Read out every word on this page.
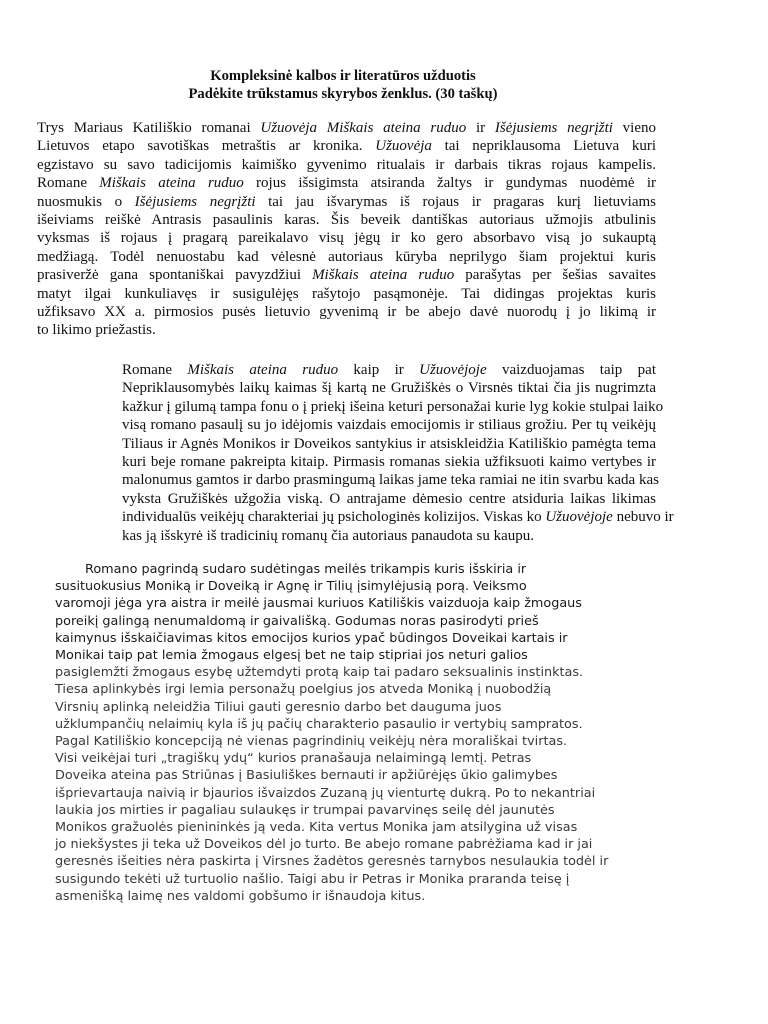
Kompleksinė kalbos ir literatūros užduotis
Padėkite trūkstamus skyrybos ženklus. (30 taškų)
Trys Mariaus Katiliškio romanai Užuovėja Miškais ateina ruduo ir Išėjusiems negrįžti vieno
Lietuvos etapo savotiškas metraštis ar kronika. Užuovėja tai nepriklausoma Lietuva kuri
egzistavo su savo tadicijomis kaimiško gyvenimo ritualais ir darbais tikras rojaus kampelis.
Romane Miškais ateina ruduo rojus išsigimsta atsiranda žaltys ir gundymas nuodėmė ir
nuosmukis o Išėjusiems negrįžti tai jau išvarymas iš rojaus ir pragaras kurį lietuviams
išeiviams reiškė Antrasis pasaulinis karas. Šis beveik dantiškas autoriaus užmojis atbulinis
vyksmas iš rojaus į pragarą pareikalavo visų jėgų ir ko gero absorbavo visą jo sukauptą
medžiagą. Todėl nenuostabu kad vėlesnė autoriaus kūryba neprilygo šiam projektui kuris
prasiveržė gana spontaniškai pavyzdžiui Miškais ateina ruduo parašytas per šešias savaites
matyt ilgai kunkuliavęs ir susigulėjęs rašytojo pasąmonėje. Tai didingas projektas kuris
užfiksavo XX a. pirmosios pusės lietuvio gyvenimą ir be abejo davė nuorodų į jo likimą ir
to likimo priežastis.
Romane Miškais ateina ruduo kaip ir Užuovėjoje vaizduojamas taip pat
Nepriklausomybės laikų kaimas šį kartą ne Gružiškės o Virsnės tiktai čia jis nugrimzta
kažkur į gilumą tampa fonu o į priekį išeina keturi personažai kurie lyg kokie stulpai laiko
visą romano pasaulį su jo idėjomis vaizdais emocijomis ir stiliaus grožiu. Per tų veikėjų
Tiliaus ir Agnės Monikos ir Doveikos santykius ir atsiskleidžia Katiliškio pamėgta tema
kuri beje romane pakreipta kitaip. Pirmasis romanas siekia užfiksuoti kaimo vertybes ir
malonumus gamtos ir darbo prasmingumą laikas jame teka ramiai ne itin svarbu kada kas
vyksta Gružiškės užgožia viską. O antrajame dėmesio centre atsiduria laikas likimas
individualūs veikėjų charakteriai jų psichologinės kolizijos. Viskas ko Užuovėjoje nebuvo ir
kas ją išskyrė iš tradicinių romanų čia autoriaus panaudota su kaupu.
Romano pagrindą sudaro sudėtingas meilės trikampis kuris išskiria ir
susituokusius Moniką ir Doveiką ir Agnę ir Tilių įsimylėjusią porą. Veiksmo
varomoji jėga yra aistra ir meilė jausmai kuriuos Katiliškis vaizduoja kaip žmogaus
poreikį galingą nenumaldomą ir gaivališką. Godumas noras pasirodyti prieš
kaimynus išskaičiavimas kitos emocijos kurios ypač būdingos Doveikai kartais ir
Monikai taip pat lemia žmogaus elgesį bet ne taip stipriai jos neturi galios
pasiglemžti žmogaus esybę užtemdyti protą kaip tai padaro seksualinis instinktas.
Tiesa aplinkybės irgi lemia personažų poelgius jos atveda Moniką į nuobodžią
Virsnių aplinką neleidžia Tiliui gauti geresnio darbo bet dauguma juos
užklumpančių nelaimių kyla iš jų pačių charakterio pasaulio ir vertybių sampratos.
Pagal Katiliškio koncepciją nė vienas pagrindinių veikėjų nėra morališkai tvirtas.
Visi veikėjai turi „tragiškų ydų“ kurios pranašauja nelaimingą lemtį. Petras
Doveika ateina pas Striūnas į Basiuliškes bernauti ir apžiūrėjęs ūkio galimybes
išprievartauja naivią ir bjaurios išvaizdos Zuzaną jų vienturtę dukrą. Po to nekantriai
laukia jos mirties ir pagaliau sulaukęs ir trumpai pavarvinęs seilę dėl jaunutės
Monikos gražuolės pienininkės ją veda. Kita vertus Monika jam atsilygina už visas
jo niekšystes ji teka už Doveikos dėl jo turto. Be abejo romane pabrėžiama kad ir jai
geresnės išeities nėra paskirta į Virsnes žadėtos geresnės tarnybos nesulaukia todėl ir
susigundo tekėti už turtuolio našlio. Taigi abu ir Petras ir Monika praranda teisę į
asmenišką laimę nes valdomi gobšumo ir išnaudoja kitus.
